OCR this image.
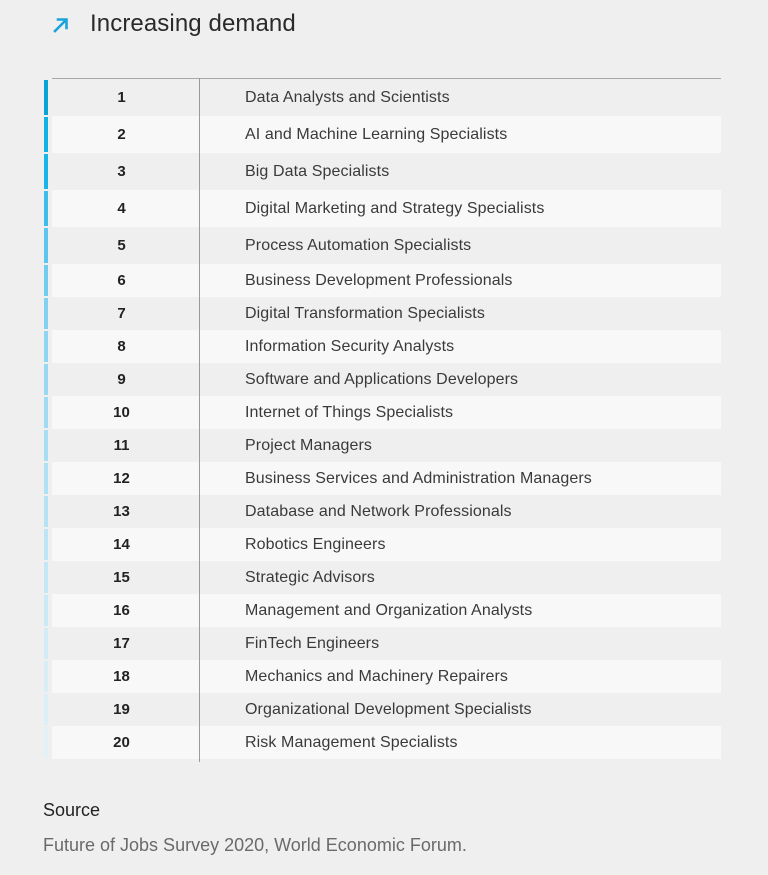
Increasing demand
1	Data Analysts and Scientists
2	AI and Machine Learning Specialists
3	Big Data Specialists
4	Digital Marketing and Strategy Specialists
5	Process Automation Specialists
6	Business Development Professionals
7	Digital Transformation Specialists
8	Information Security Analysts
9	Software and Applications Developers
10	Internet of Things Specialists
11	Project Managers
12	Business Services and Administration Managers
13	Database and Network Professionals
14	Robotics Engineers
15	Strategic Advisors
16	Management and Organization Analysts
17	FinTech Engineers
18	Mechanics and Machinery Repairers
19	Organizational Development Specialists
20	Risk Management Specialists
Source
Future of Jobs Survey 2020, World Economic Forum.
